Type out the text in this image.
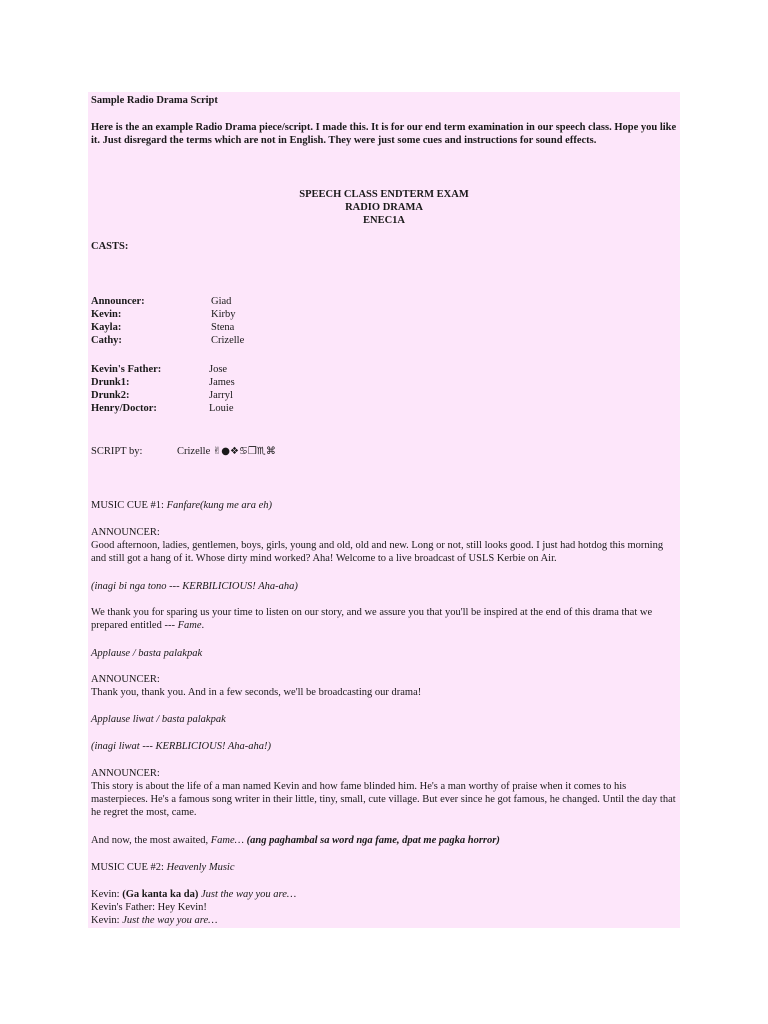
Sample Radio Drama Script
Here is the an example Radio Drama piece/script. I made this. It is for our end term examination in our speech class. Hope you like it. Just disregard the terms which are not in English. They were just some cues and instructions for sound effects.
SPEECH CLASS ENDTERM EXAM
RADIO DRAMA
ENEC1A
CASTS:
Announcer:	Giad
Kevin:	Kirby
Kayla:	Stena
Cathy:	Crizelle
Kevin's Father:	Jose
Drunk1:	James
Drunk2:	Jarryl
Henry/Doctor:	Louie
SCRIPT by:	Crizelle ✌●❖♋❒♏⌘
MUSIC CUE #1: Fanfare(kung me ara eh)
ANNOUNCER:
Good afternoon, ladies, gentlemen, boys, girls, young and old, old and new. Long or not, still looks good. I just had hotdog this morning and still got a hang of it. Whose dirty mind worked? Aha! Welcome to a live broadcast of USLS Kerbie on Air.
(inagi bi nga tono --- KERBILICIOUS! Aha-aha)
We thank you for sparing us your time to listen on our story, and we assure you that you'll be inspired at the end of this drama that we prepared entitled --- Fame.
Applause / basta palakpak
ANNOUNCER:
Thank you, thank you. And in a few seconds, we'll be broadcasting our drama!
Applause liwat / basta palakpak
(inagi liwat --- KERBLICIOUS! Aha-aha!)
ANNOUNCER:
This story is about the life of a man named Kevin and how fame blinded him. He's a man worthy of praise when it comes to his masterpieces. He's a famous song writer in their little, tiny, small, cute village. But ever since he got famous, he changed. Until the day that he regret the most, came.
And now, the most awaited, Fame… (ang paghambal sa word nga fame, dpat me pagka horror)
MUSIC CUE #2: Heavenly Music
Kevin: (Ga kanta ka da) Just the way you are…
Kevin's Father: Hey Kevin!
Kevin: Just the way you are…
